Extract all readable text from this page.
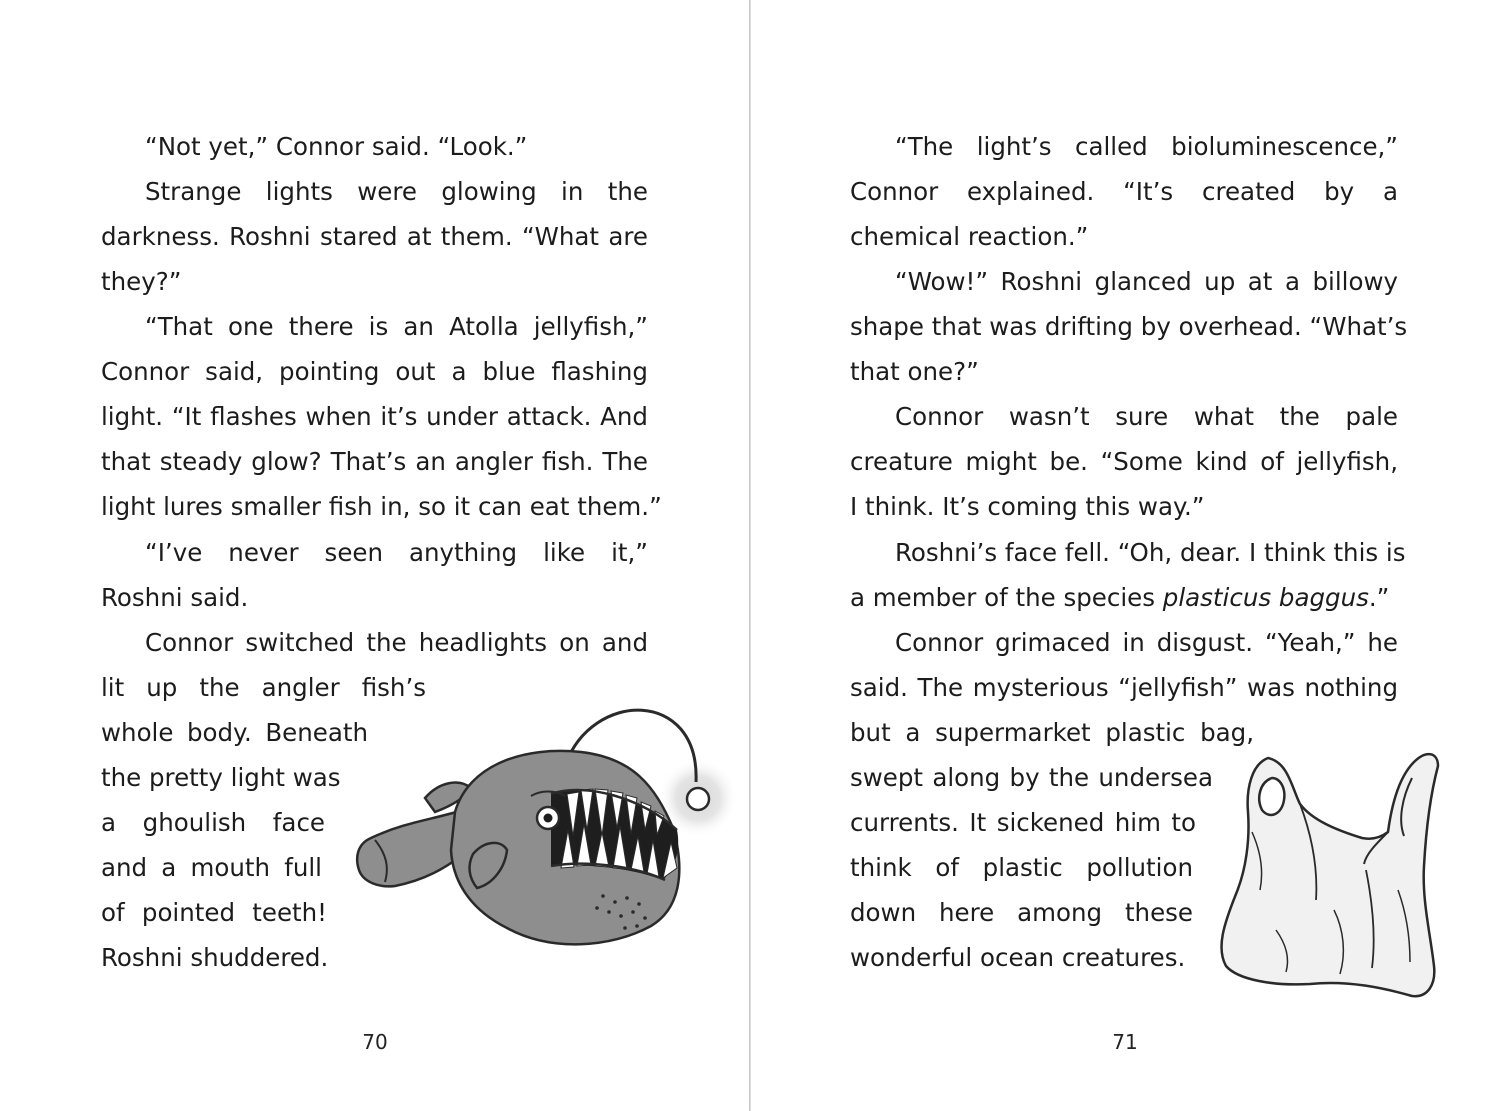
“Not yet,” Connor said. “Look.”

Strange lights were glowing in the

darkness. Roshni stared at them. “What are

they?”

“That one there is an Atolla jellyfish,”

Connor said, pointing out a blue flashing

light. “It flashes when it’s under attack. And

that steady glow? That’s an angler fish. The

light lures smaller fish in, so it can eat them.”

“I’ve never seen anything like it,”

Roshni said.

Connor switched the headlights on and

lit up the angler fish’s

whole body. Beneath

the pretty light was

a ghoulish face

and a mouth full

of pointed teeth!

Roshni shuddered.

70

“The light’s called bioluminescence,”

Connor explained. “It’s created by a

chemical reaction.”

“Wow!” Roshni glanced up at a billowy

shape that was drifting by overhead. “What’s

that one?”

Connor wasn’t sure what the pale

creature might be. “Some kind of jellyfish,

I think. It’s coming this way.”

Roshni’s face fell. “Oh, dear. I think this is

a member of the species plasticus baggus.”

Connor grimaced in disgust. “Yeah,” he

said. The mysterious “jellyfish” was nothing

but a supermarket plastic bag,

swept along by the undersea

currents. It sickened him to

think of plastic pollution

down here among these

wonderful ocean creatures.

71
